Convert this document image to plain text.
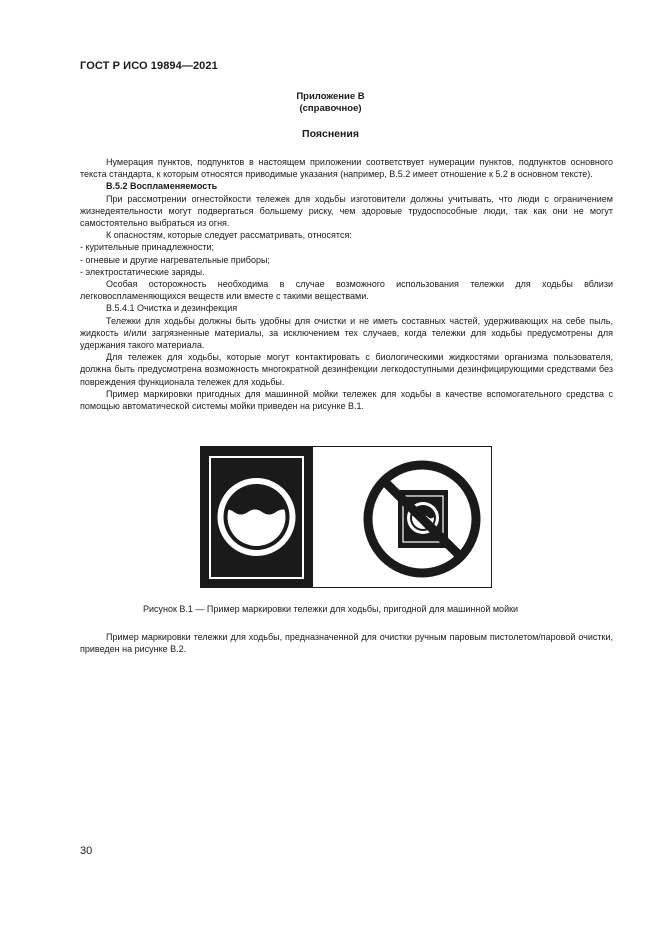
ГОСТ Р ИСО 19894—2021
Приложение В
(справочное)
Пояснения

Нумерация пунктов, подпунктов в настоящем приложении соответствует нумерации пунктов, подпунктов основного текста стандарта, к которым относятся приводимые указания (например, В.5.2 имеет отношение к 5.2 в основном тексте).

В.5.2 Воспламеняемость

При рассмотрении огнестойкости тележек для ходьбы изготовители должны учитывать, что люди с ограничением жизнедеятельности могут подвергаться большему риску, чем здоровые трудоспособные люди, так как они не могут самостоятельно выбраться из огня.

К опасностям, которые следует рассматривать, относятся:

- курительные принадлежности;

- огневые и другие нагревательные приборы;

- электростатические заряды.

Особая осторожность необходима в случае возможного использования тележки для ходьбы вблизи легковоспламеняющихся веществ или вместе с такими веществами.

В.5.4.1 Очистка и дезинфекция

Тележки для ходьбы должны быть удобны для очистки и не иметь составных частей, удерживающих на себе пыль, жидкость и/или загрязненные материалы, за исключением тех случаев, когда тележки для ходьбы предусмотрены для удержания такого материала.

Для тележек для ходьбы, которые могут контактировать с биологическими жидкостями организма пользователя, должна быть предусмотрена возможность многократной дезинфекции легкодоступными дезинфицирующими средствами без повреждения функционала тележек для ходьбы.

Пример маркировки пригодных для машинной мойки тележек для ходьбы в качестве вспомогательного средства с помощью автоматической системы мойки приведен на рисунке В.1.

Рисунок В.1 — Пример маркировки тележки для ходьбы, пригодной для машинной мойки

Пример маркировки тележки для ходьбы, предназначенной для очистки ручным паровым пистолетом/паровой очистки, приведен на рисунке В.2.

30
